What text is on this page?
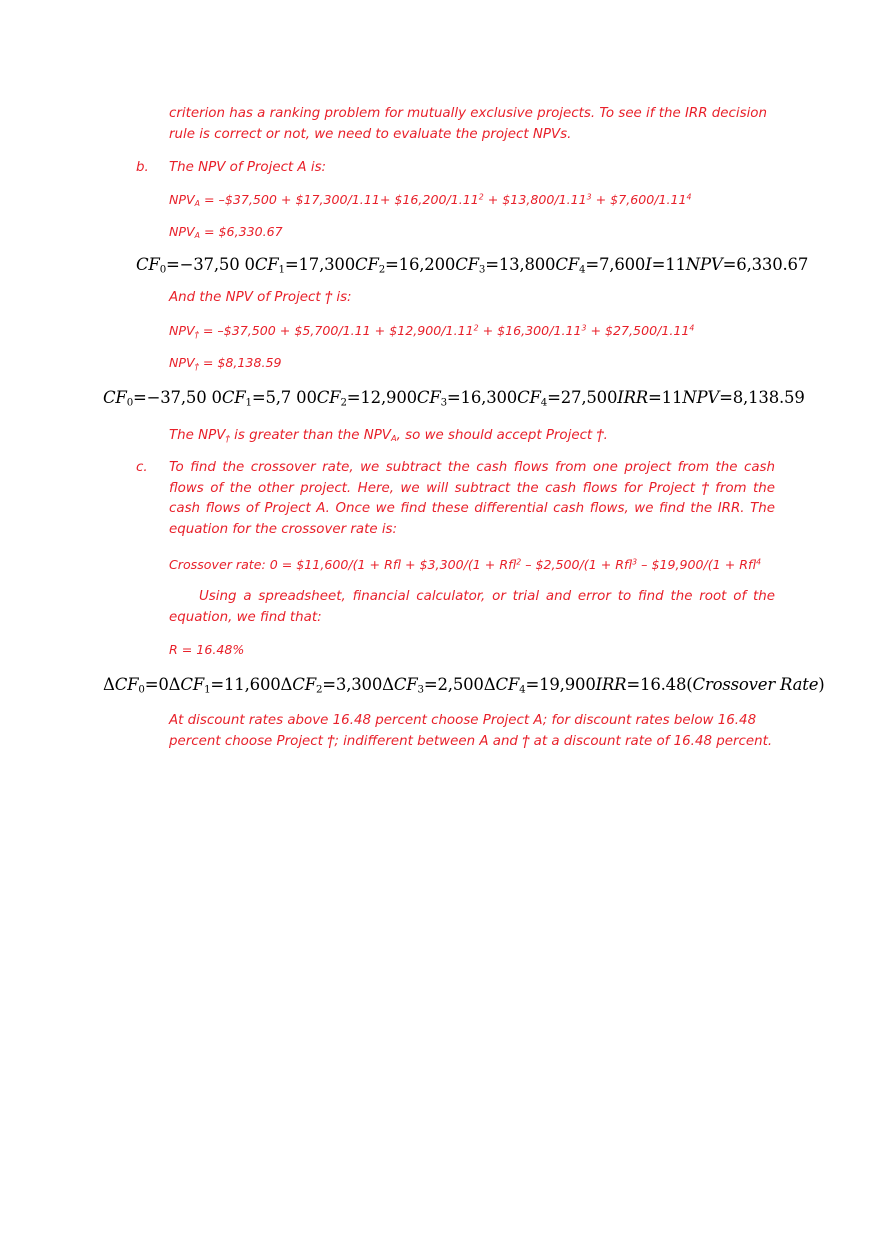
criterion has a ranking problem for mutually exclusive projects. To see if the IRR decision rule is correct or not, we need to evaluate the project NPVs.

b. The NPV of Project A is:

$NPV_A$ = –$37,500 + $17,300/1.11+ $\$16,200/1.11^2$ + $\$13,800/1.11^3$ + $\$7,600/1.11^4$

$NPV_A$ = $6,330.67

$CF_0=-37,50$ $0CF_1=17,300CF_2=16,200CF_3=13,800CF_4=7,600I=11NPV=6,330.67$

And the NPV of Project ϯ is:

$NPV_ϯ$ = –$37,500 + $5,700/1.11 + $\$12,900/1.11^2$ + $\$16,300/1.11^3$ + $\$27,500/1.11^4$

$NPV_ϯ$ = $8,138.59

$CF_0=-37,50$ $0CF_1=5,7$ $00CF_2=12,900CF_3=16,300CF_4=27,500IRR=11NPV=8,138.59$

The $NPV_ϯ$ is greater than the $NPV_A$, so we should accept Project ϯ.

c. To find the crossover rate, we subtract the cash flows from one project from the cash flows of the other project. Here, we will subtract the cash flows for Project ϯ from the cash flows of Project A. Once we find these differential cash flows, we find the IRR. The equation for the crossover rate is:

Crossover rate: 0 = $11,600/(1 + Rﬂ + $3,300/(1 + Rﬂ$^2$ – $2,500/(1 + Rﬂ$^3$ – $19,900/(1 + Rﬂ$^4$

Using a spreadsheet, financial calculator, or trial and error to find the root of the equation, we find that:

R = 16.48%

$\Delta CF_0=0\Delta CF_1=11,600\Delta CF_2=3,300\Delta CF_3=2,500\Delta CF_4=19,900IRR=16.48(Crossover$ Rate)

At discount rates above 16.48 percent choose Project A; for discount rates below 16.48 percent choose Project ϯ; indifferent between A and ϯ at a discount rate of 16.48 percent.
